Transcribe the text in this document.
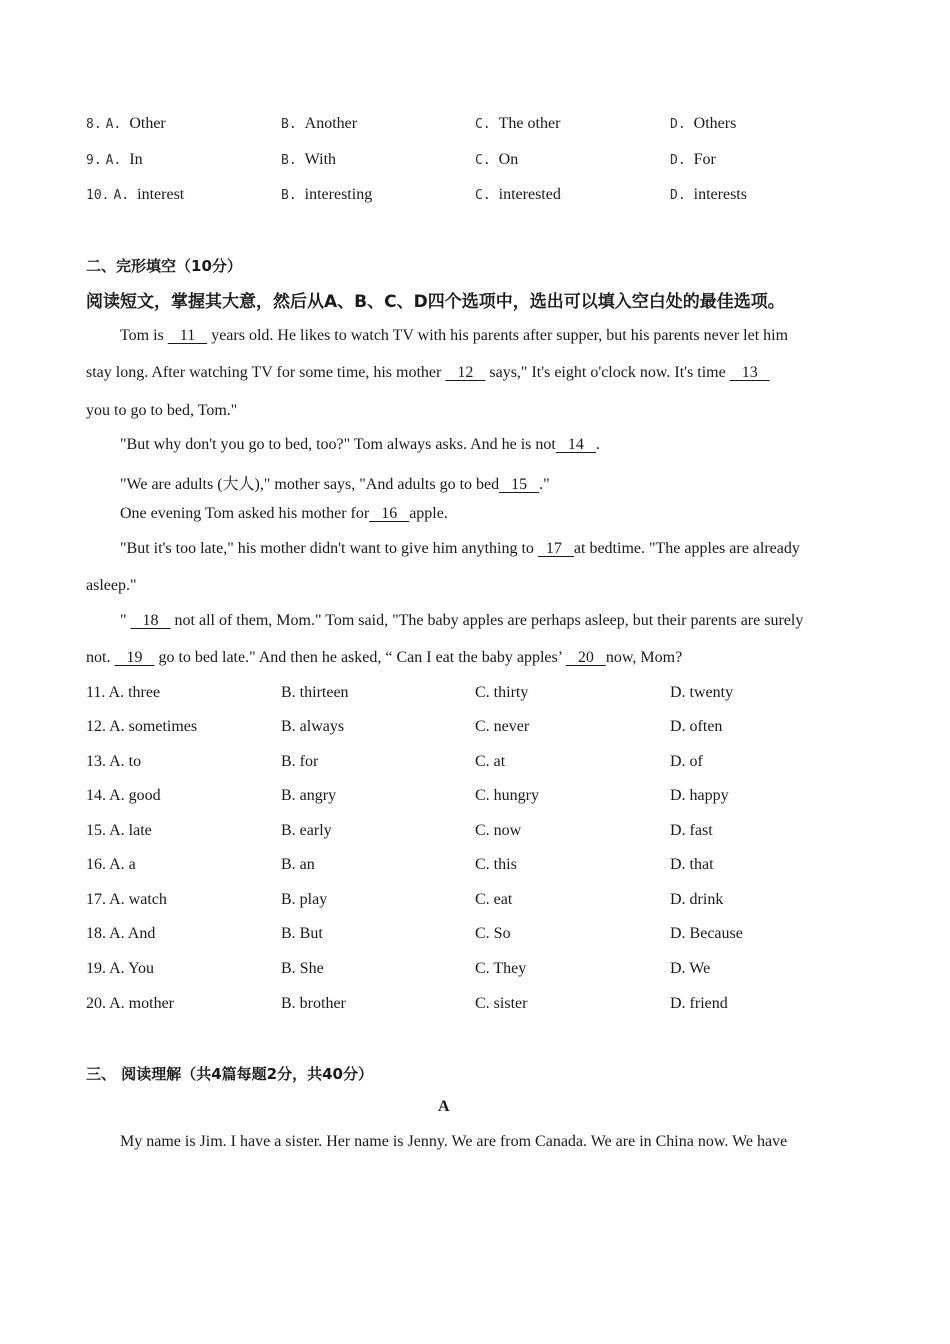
8. A. Other	B. Another	C. The other	D. Others
9. A. In	B. With	C. On	D. For
10. A. interest	B. interesting	C. interested	D. interests
二、完形填空（10分）
阅读短文，掌握其大意，然后从A、B、C、D四个选项中，选出可以填入空白处的最佳选项。
Tom is    11    years old. He likes to watch TV with his parents after supper, but his parents never let him
stay long. After watching TV for some time, his mother    12    says," It's eight o'clock now. It's time    13
you to go to bed, Tom."
"But why don't you go to bed, too?" Tom always asks. And he is not   14   .
"We are adults (大人)," mother says, "And adults go to bed   15   ."
One evening Tom asked his mother for   16   apple.
"But it's too late," his mother didn't want to give him anything to   17   at bedtime. "The apples are already
asleep."
"    18    not all of them, Mom." Tom said, "The baby apples are perhaps asleep, but their parents are surely
not.    19    go to bed late." And then he asked, “ Can I eat the baby apples’    20   now, Mom?
11. A. three	B. thirteen	C. thirty	D. twenty
12. A. sometimes	B. always	C. never	D. often
13. A. to	B. for	C. at	D. of
14. A. good	B. angry	C. hungry	D. happy
15. A. late	B. early	C. now	D. fast
16. A. a	B. an	C. this	D. that
17. A. watch	B. play	C. eat	D. drink
18. A. And	B. But	C. So	D. Because
19. A. You	B. She	C. They	D. We
20. A. mother	B. brother	C. sister	D. friend
三、 阅读理解（共4篇每题2分，共40分）
A
My name is Jim. I have a sister. Her name is Jenny. We are from Canada. We are in China now. We have
